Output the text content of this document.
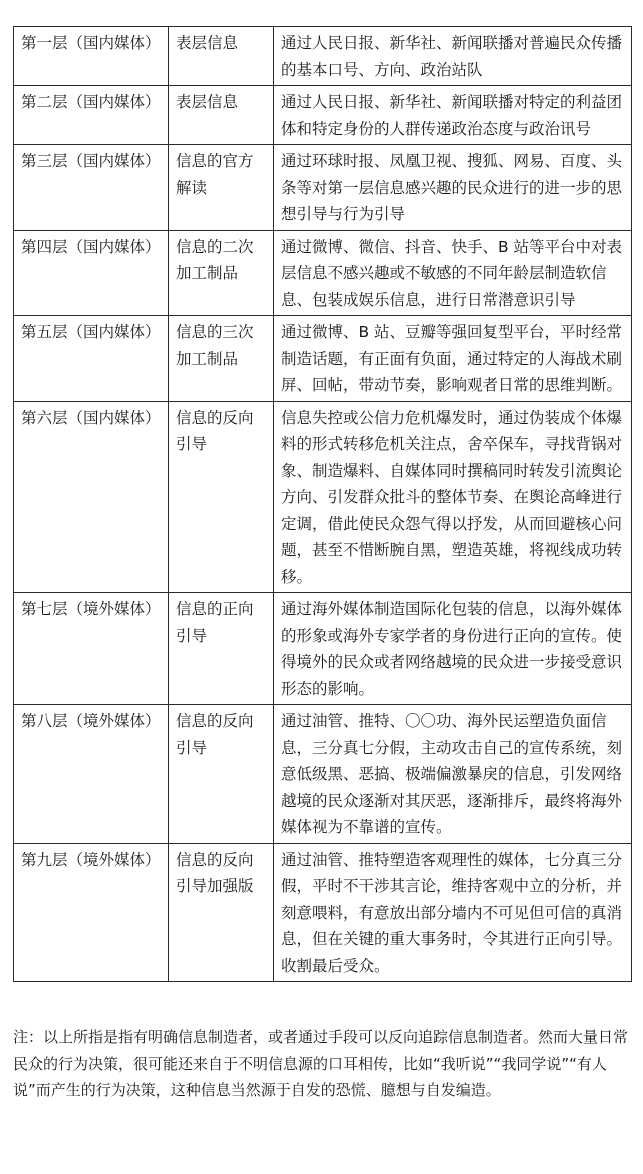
第一层（国内媒体）	表层信息	通过人民日报、新华社、新闻联播对普遍民众传播的基本口号、方向、政治站队
第二层（国内媒体）	表层信息	通过人民日报、新华社、新闻联播对特定的利益团体和特定身份的人群传递政治态度与政治讯号
第三层（国内媒体）	信息的官方解读	通过环球时报、凤凰卫视、搜狐、网易、百度、头条等对第一层信息感兴趣的民众进行的进一步的思想引导与行为引导
第四层（国内媒体）	信息的二次加工制品	通过微博、微信、抖音、快手、B 站等平台中对表层信息不感兴趣或不敏感的不同年龄层制造软信息、包装成娱乐信息，进行日常潜意识引导
第五层（国内媒体）	信息的三次加工制品	通过微博、B 站、豆瓣等强回复型平台，平时经常制造话题，有正面有负面，通过特定的人海战术刷屏、回帖，带动节奏，影响观者日常的思维判断。
第六层（国内媒体）	信息的反向引导	信息失控或公信力危机爆发时，通过伪装成个体爆料的形式转移危机关注点，舍卒保车，寻找背锅对象、制造爆料、自媒体同时撰稿同时转发引流舆论方向、引发群众批斗的整体节奏、在舆论高峰进行定调，借此使民众怨气得以抒发，从而回避核心问题，甚至不惜断腕自黑，塑造英雄，将视线成功转移。
第七层（境外媒体）	信息的正向引导	通过海外媒体制造国际化包装的信息，以海外媒体的形象或海外专家学者的身份进行正向的宣传。使得境外的民众或者网络越境的民众进一步接受意识形态的影响。
第八层（境外媒体）	信息的反向引导	通过油管、推特、〇〇功、海外民运塑造负面信息，三分真七分假，主动攻击自己的宣传系统，刻意低级黑、恶搞、极端偏激暴戾的信息，引发网络越境的民众逐渐对其厌恶，逐渐排斥，最终将海外媒体视为不靠谱的宣传。
第九层（境外媒体）	信息的反向引导加强版	通过油管、推特塑造客观理性的媒体，七分真三分假，平时不干涉其言论，维持客观中立的分析，并刻意喂料，有意放出部分墙内不可见但可信的真消息，但在关键的重大事务时，令其进行正向引导。收割最后受众。
注：以上所指是指有明确信息制造者，或者通过手段可以反向追踪信息制造者。然而大量日常民众的行为决策，很可能还来自于不明信息源的口耳相传，比如“我听说”“我同学说”“有人说”而产生的行为决策，这种信息当然源于自发的恐慌、臆想与自发编造。
